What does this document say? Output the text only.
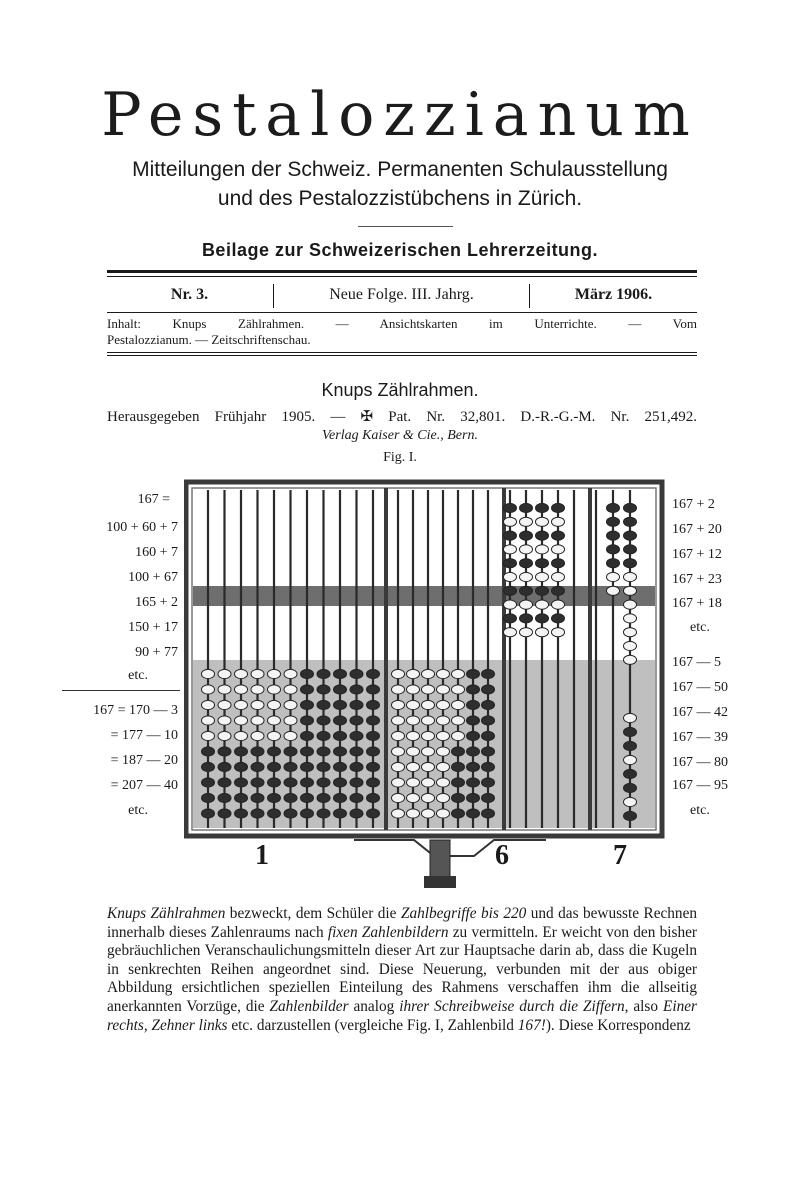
Pestalozzianum
Mitteilungen der Schweiz. Permanenten Schulausstellung
und des Pestalozzistübchens in Zürich.
Beilage zur Schweizerischen Lehrerzeitung.
Nr. 3.	Neue Folge. III. Jahrg.	März 1906.
Inhalt: Knups Zählrahmen. — Ansichtskarten im Unterrichte. — Vom
Pestalozzianum. — Zeitschriftenschau.
Knups Zählrahmen.
Herausgegeben Frühjahr 1905. — ✠ Pat. Nr. 32,801. D.-R.-G.-M. Nr. 251,492.
Verlag Kaiser & Cie., Bern.
Fig. I.
167 =
100 + 60 + 7
160 + 7
100 + 67
165 + 2
150 + 17
90 + 77
etc.
167 = 170 — 3
= 177 — 10
= 187 — 20
= 207 — 40
etc.
167 + 2
167 + 20
167 + 12
167 + 23
167 + 18
etc.
167 — 5
167 — 50
167 — 42
167 — 39
167 — 80
167 — 95
etc.
1	6	7
Knups Zählrahmen bezweckt, dem Schüler die Zahlbegriffe bis 220 und das bewusste Rechnen innerhalb dieses Zahlenraums nach fixen Zahlenbildern zu vermitteln. Er weicht von den bisher gebräuchlichen Veranschaulichungsmitteln dieser Art zur Hauptsache darin ab, dass die Kugeln in senkrechten Reihen angeordnet sind. Diese Neuerung, verbunden mit der aus obiger Abbildung ersichtlichen speziellen Einteilung des Rahmens verschaffen ihm die allseitig anerkannten Vorzüge, die Zahlenbilder analog ihrer Schreibweise durch die Ziffern, also Einer rechts, Zehner links etc. darzustellen (vergleiche Fig. I, Zahlenbild 167!). Diese Korrespondenz
